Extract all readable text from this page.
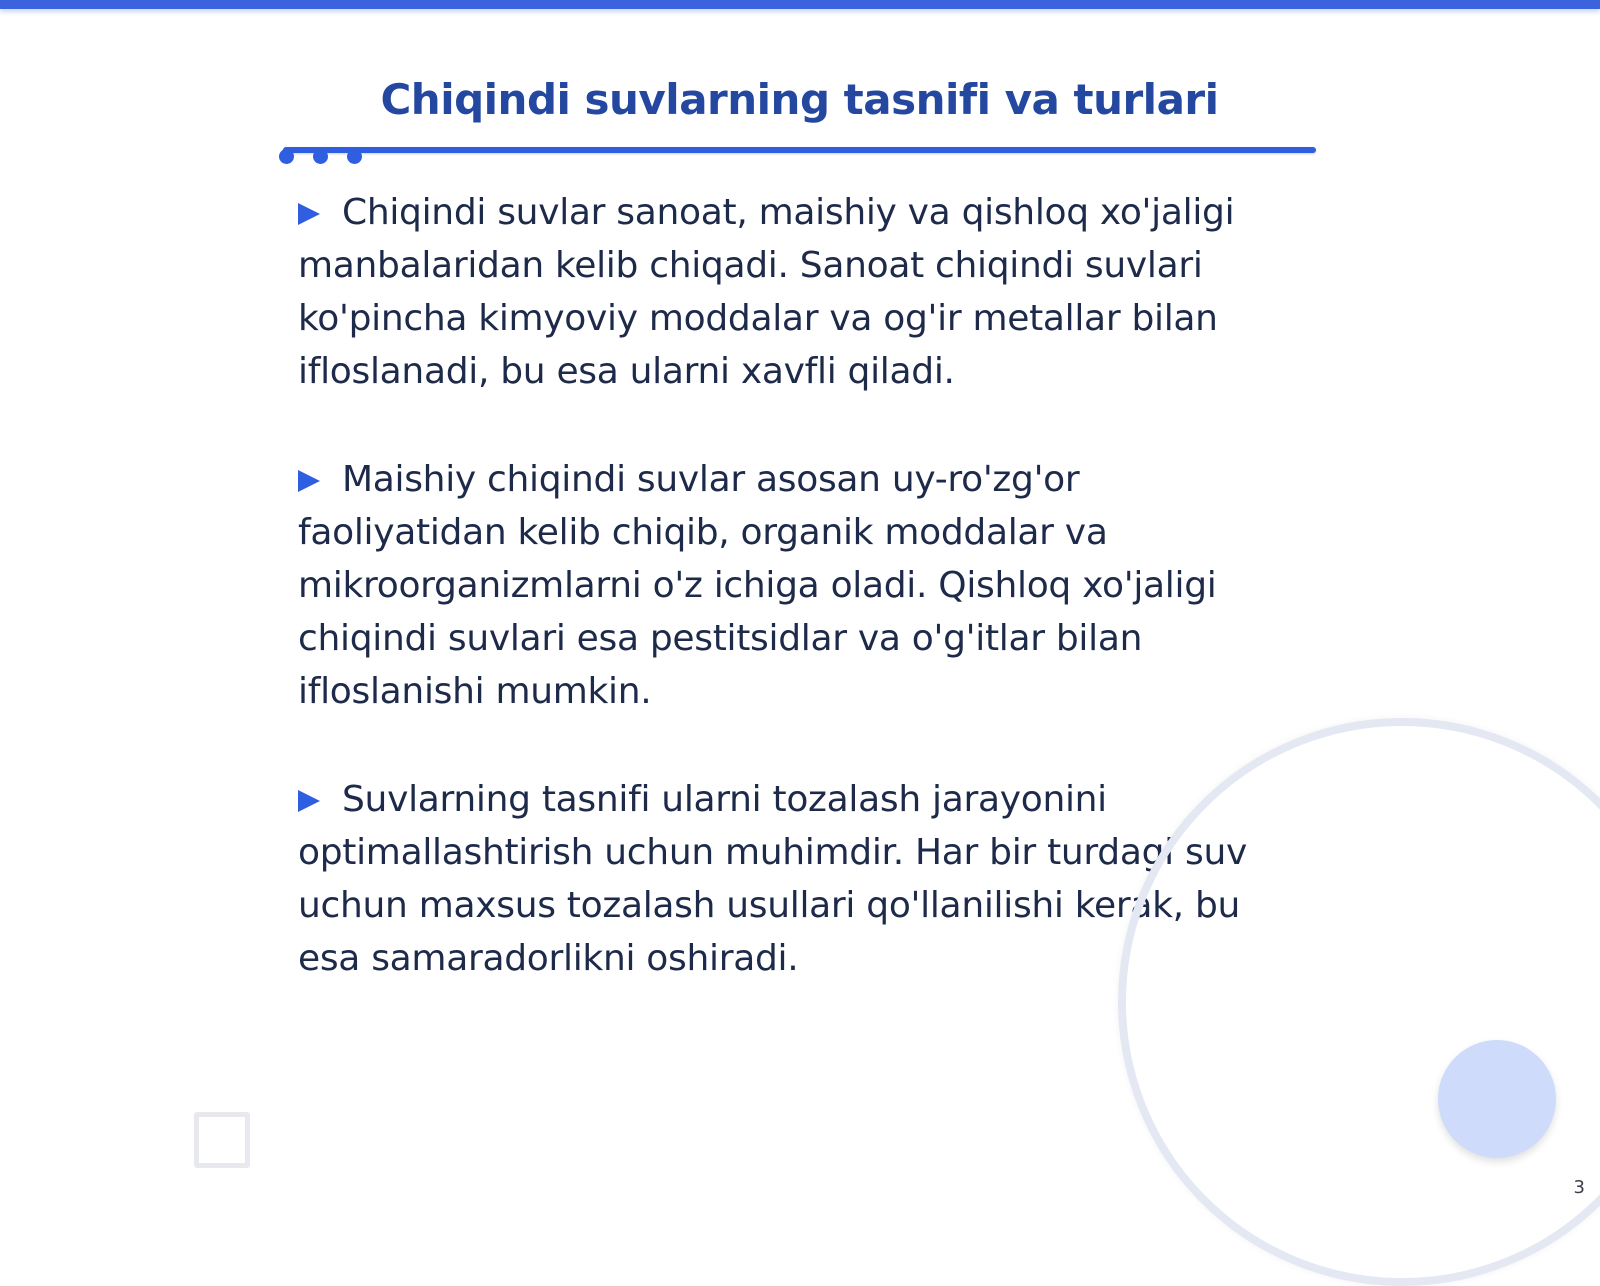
Chiqindi suvlarning tasnifi va turlari

Chiqindi suvlar sanoat, maishiy va qishloq xo'jaligi manbalaridan kelib chiqadi. Sanoat chiqindi suvlari ko'pincha kimyoviy moddalar va og'ir metallar bilan ifloslanadi, bu esa ularni xavfli qiladi.

Maishiy chiqindi suvlar asosan uy-ro'zg'or faoliyatidan kelib chiqib, organik moddalar va mikroorganizmlarni o'z ichiga oladi. Qishloq xo'jaligi chiqindi suvlari esa pestitsidlar va o'g'itlar bilan ifloslanishi mumkin.

Suvlarning tasnifi ularni tozalash jarayonini optimallashtirish uchun muhimdir. Har bir turdagi suv uchun maxsus tozalash usullari qo'llanilishi kerak, bu esa samaradorlikni oshiradi.

3
